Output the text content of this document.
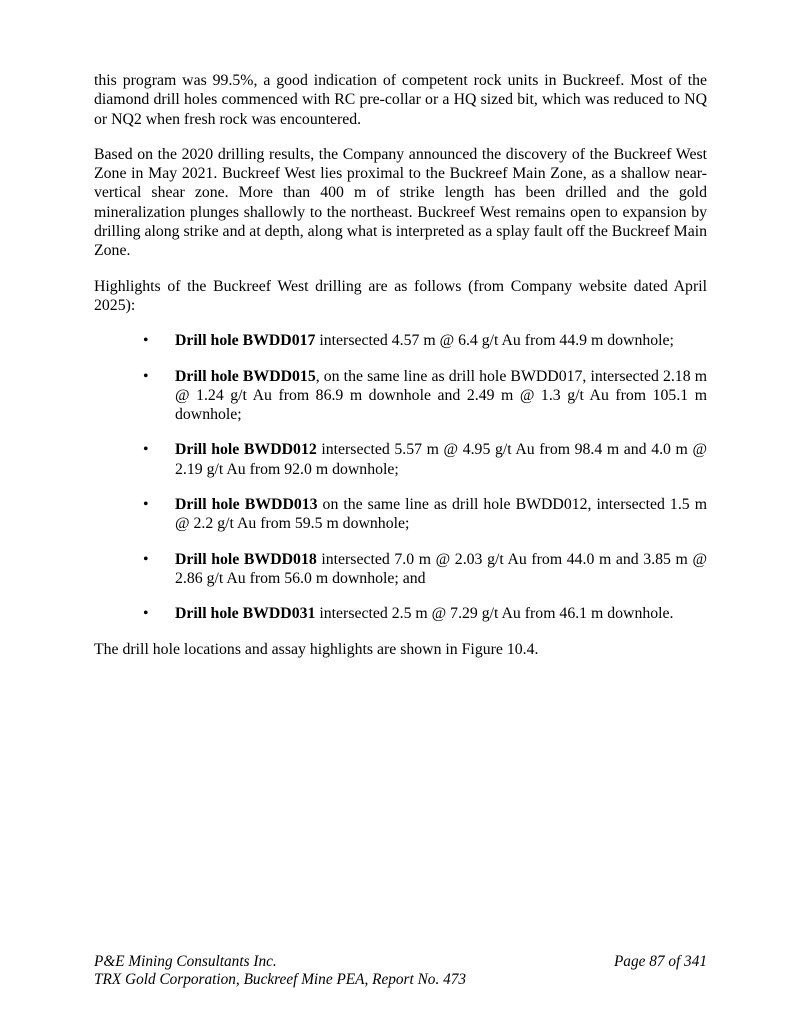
this program was 99.5%, a good indication of competent rock units in Buckreef. Most of the diamond drill holes commenced with RC pre-collar or a HQ sized bit, which was reduced to NQ or NQ2 when fresh rock was encountered.

Based on the 2020 drilling results, the Company announced the discovery of the Buckreef West Zone in May 2021. Buckreef West lies proximal to the Buckreef Main Zone, as a shallow near-vertical shear zone. More than 400 m of strike length has been drilled and the gold mineralization plunges shallowly to the northeast. Buckreef West remains open to expansion by drilling along strike and at depth, along what is interpreted as a splay fault off the Buckreef Main Zone.

Highlights of the Buckreef West drilling are as follows (from Company website dated April 2025):

• Drill hole BWDD017 intersected 4.57 m @ 6.4 g/t Au from 44.9 m downhole;
• Drill hole BWDD015, on the same line as drill hole BWDD017, intersected 2.18 m @ 1.24 g/t Au from 86.9 m downhole and 2.49 m @ 1.3 g/t Au from 105.1 m downhole;
• Drill hole BWDD012 intersected 5.57 m @ 4.95 g/t Au from 98.4 m and 4.0 m @ 2.19 g/t Au from 92.0 m downhole;
• Drill hole BWDD013 on the same line as drill hole BWDD012, intersected 1.5 m @ 2.2 g/t Au from 59.5 m downhole;
• Drill hole BWDD018 intersected 7.0 m @ 2.03 g/t Au from 44.0 m and 3.85 m @ 2.86 g/t Au from 56.0 m downhole; and
• Drill hole BWDD031 intersected 2.5 m @ 7.29 g/t Au from 46.1 m downhole.

The drill hole locations and assay highlights are shown in Figure 10.4.

P&E Mining Consultants Inc.
TRX Gold Corporation, Buckreef Mine PEA, Report No. 473
Page 87 of 341
